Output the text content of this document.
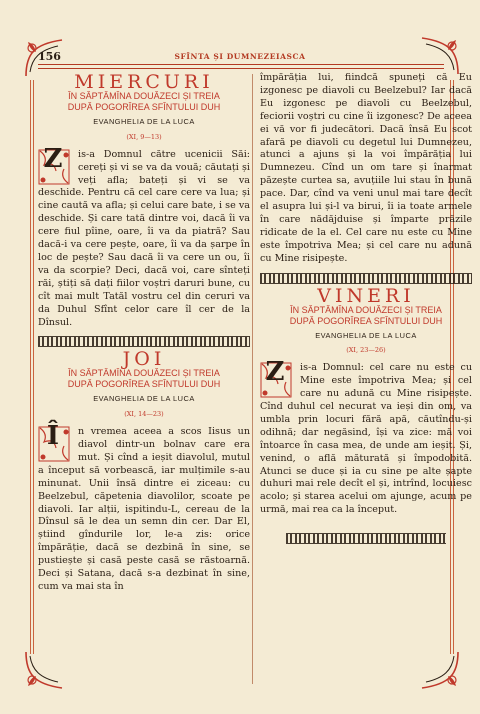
156	SFÎNTA ȘI DUMNEZEIASCA
MIERCURI
ÎN SĂPTĂMÎNA DOUĂZECI ȘI TREIA
DUPĂ POGORÎREA SFÎNTULUI DUH
EVANGHELIA DE LA LUCA
(XI, 9—13)

Z	is-a Domnul către ucenicii Săi: cereți și vi se va da vouă; căutați și veți afla; bateți și vi se va deschide. Pentru că cel care cere va lua; și cine caută va afla; și celui care bate, i se va deschide. Și care tată dintre voi, dacă îi va cere fiul pîine, oare, îi va da piatră? Sau dacă-i va cere pește, oare, îi va da șarpe în loc de pește? Sau dacă îi va cere un ou, îi va da scorpie? Deci, dacă voi, care sînteți răi, știți să dați fiilor voștri daruri bune, cu cît mai mult Tatăl vostru cel din ceruri va da Duhul Sfînt celor care îl cer de la Dînsul.

JOI
ÎN SĂPTĂMÎNA DOUĂZECI ȘI TREIA
DUPĂ POGORÎREA SFÎNTULUI DUH
EVANGHELIA DE LA LUCA
(XI, 14—23)

Î	n vremea aceea a scos Iisus un diavol dintr-un bolnav care era mut. Și cînd a ieșit diavolul, mutul a început să vorbească, iar mulțimile s-au minunat. Unii însă dintre ei ziceau: cu Beelzebul, căpetenia diavolilor, scoate pe diavoli. Iar alții, ispitindu-L, cereau de la Dînsul să le dea un semn din cer. Dar El, știind gîndurile lor, le-a zis: orice împărăție, dacă se dezbină în sine, se pustiește și casă peste casă se răstoarnă. Deci și Satana, dacă s-a dezbinat în sine, cum va mai sta în

împărăția lui, fiindcă spuneți că Eu izgonesc pe diavoli cu Beelzebul? Iar dacă Eu izgonesc pe diavoli cu Beelzebul, feciorii voștri cu cine îi izgonesc? De aceea ei vă vor fi judecători. Dacă însă Eu scot afară pe diavoli cu degetul lui Dumnezeu, atunci a ajuns și la voi împărăția lui Dumnezeu. Cînd un om tare și înarmat păzește curtea sa, avuțiile lui stau în bună pace. Dar, cînd va veni unul mai tare decît el asupra lui și-l va birui, îi ia toate armele în care nădăjduise și împarte prăzile ridicate de la el. Cel care nu este cu Mine este împotriva Mea; și cel care nu adună cu Mine risipește.

VINERI
ÎN SĂPTĂMÎNA DOUĂZECI ȘI TREIA
DUPĂ POGORÎREA SFÎNTULUI DUH
EVANGHELIA DE LA LUCA
(XI, 23—26)

Z	is-a Domnul: cel care nu este cu Mine este împotriva Mea; și cel care nu adună cu Mine risipește. Cînd duhul cel necurat va ieși din om, va umbla prin locuri fără apă, căutîndu-și odihnă; dar negăsind, își va zice: mă voi întoarce în casa mea, de unde am ieșit. Și, venind, o află măturată și împodobită. Atunci se duce și ia cu sine pe alte șapte duhuri mai rele decît el și, intrînd, locuiesc acolo; și starea acelui om ajunge, acum pe urmă, mai rea ca la început.
